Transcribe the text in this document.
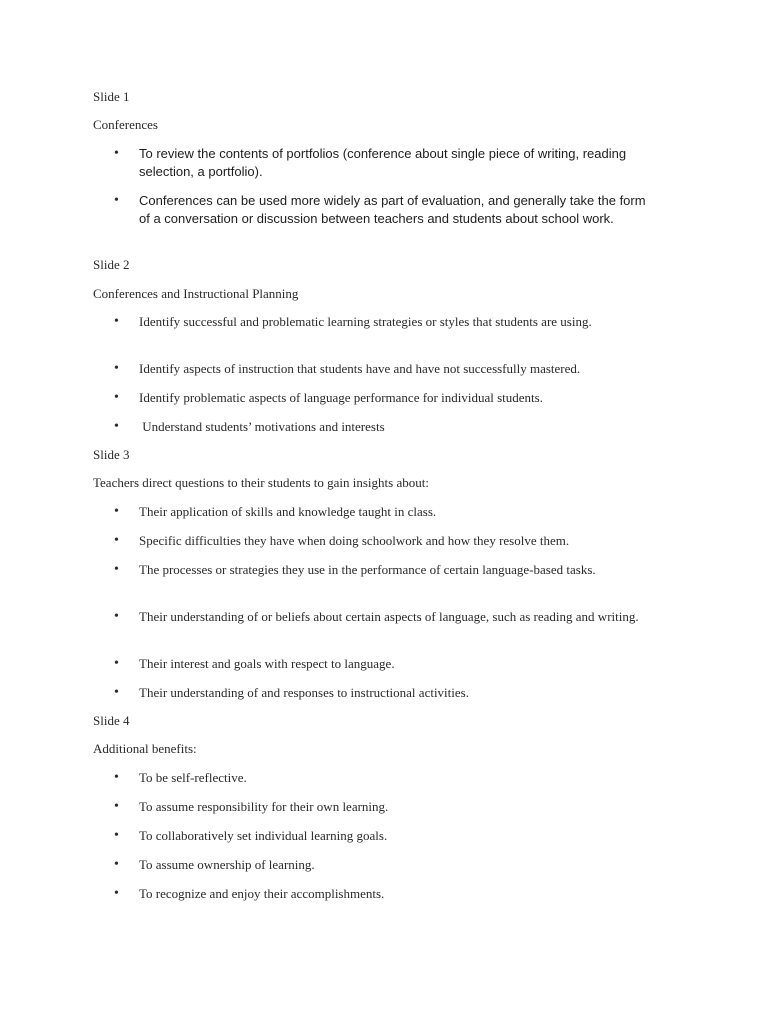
Slide 1

Conferences

•	To review the contents of portfolios (conference about single piece of writing, reading selection, a portfolio).

•	Conferences can be used more widely as part of evaluation, and generally take the form of a conversation or discussion between teachers and students about school work.

Slide 2

Conferences and Instructional Planning

•	Identify successful and problematic learning strategies or styles that students are using.

•	Identify aspects of instruction that students have and have not successfully mastered.

•	Identify problematic aspects of language performance for individual students.

•	Understand students’ motivations and interests

Slide 3

Teachers direct questions to their students to gain insights about:

•	Their application of skills and knowledge taught in class.

•	Specific difficulties they have when doing schoolwork and how they resolve them.

•	The processes or strategies they use in the performance of certain language-based tasks.

•	Their understanding of or beliefs about certain aspects of language, such as reading and writing.

•	Their interest and goals with respect to language.

•	Their understanding of and responses to instructional activities.

Slide 4

Additional benefits:

•	To be self-reflective.

•	To assume responsibility for their own learning.

•	To collaboratively set individual learning goals.

•	To assume ownership of learning.

•	To recognize and enjoy their accomplishments.
